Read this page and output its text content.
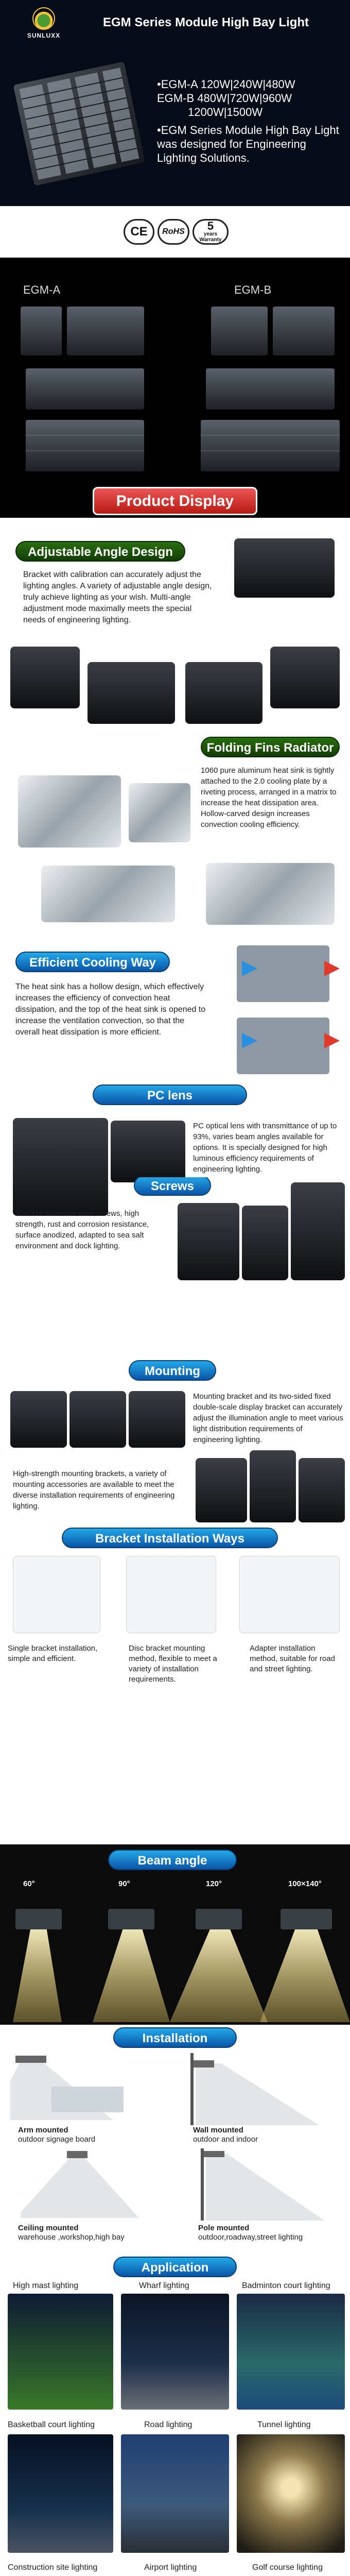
SUNLUXX
EGM Series Module High Bay Light
•EGM-A 120W|240W|480W
EGM-B 480W|720W|960W
1200W|1500W
•EGM Series Module High Bay Light was designed for Engineering Lighting Solutions.
CE	RoHS	5
years
Warranty
EGM-A	EGM-B
Product Display
Adjustable Angle Design
Bracket with calibration can accurately adjust the lighting angles. A variety of adjustable angle design, truly achieve lighting as your wish. Multi-angle adjustment mode maximally meets the special needs of engineering lighting.
Folding Fins Radiator
1060 pure aluminum heat sink is tightly attached to the 2.0 cooling plate by a riveting process, arranged in a matrix to increase the heat dissipation area. Hollow-carved design increases convection cooling efficiency.
Efficient Cooling Way
The heat sink has a hollow design, which effectively increases the efficiency of convection heat dissipation, and the top of the heat sink is opened to increase the ventilation convection, so that the overall heat dissipation is more efficient.
PC lens
PC optical lens with transmittance of up to 93%, varies beam angles available for options. It is specially designed for high luminous efficiency requirements of engineering lighting.
Screws
304/316 stainless steel screws, high strength, rust and corrosion resistance, surface anodized, adapted to sea salt environment and dock lighting.
Mounting
Mounting bracket and its two-sided fixed double-scale display bracket can accurately adjust the illumination angle to meet various light distribution requirements of engineering lighting.
High-strength mounting brackets, a variety of mounting accessories are available to meet the diverse installation requirements of engineering lighting.
Bracket Installation Ways
Single bracket installation, simple and efficient.
Disc bracket mounting method, flexible to meet a variety of installation requirements.
Adapter installation method, suitable for road and street lighting.
Beam angle
60°	90°	120°	100×140°
Installation
Arm mounted
outdoor signage board
Wall mounted
outdoor and indoor
Ceiling mounted
warehouse ,workshop,high bay
Pole mounted
outdoor,roadway,street lighting
Application
High mast lighting	Wharf lighting	Badminton court lighting
Basketball court lighting	Road lighting	Tunnel lighting
Construction site lighting	Airport lighting	Golf course lighting
